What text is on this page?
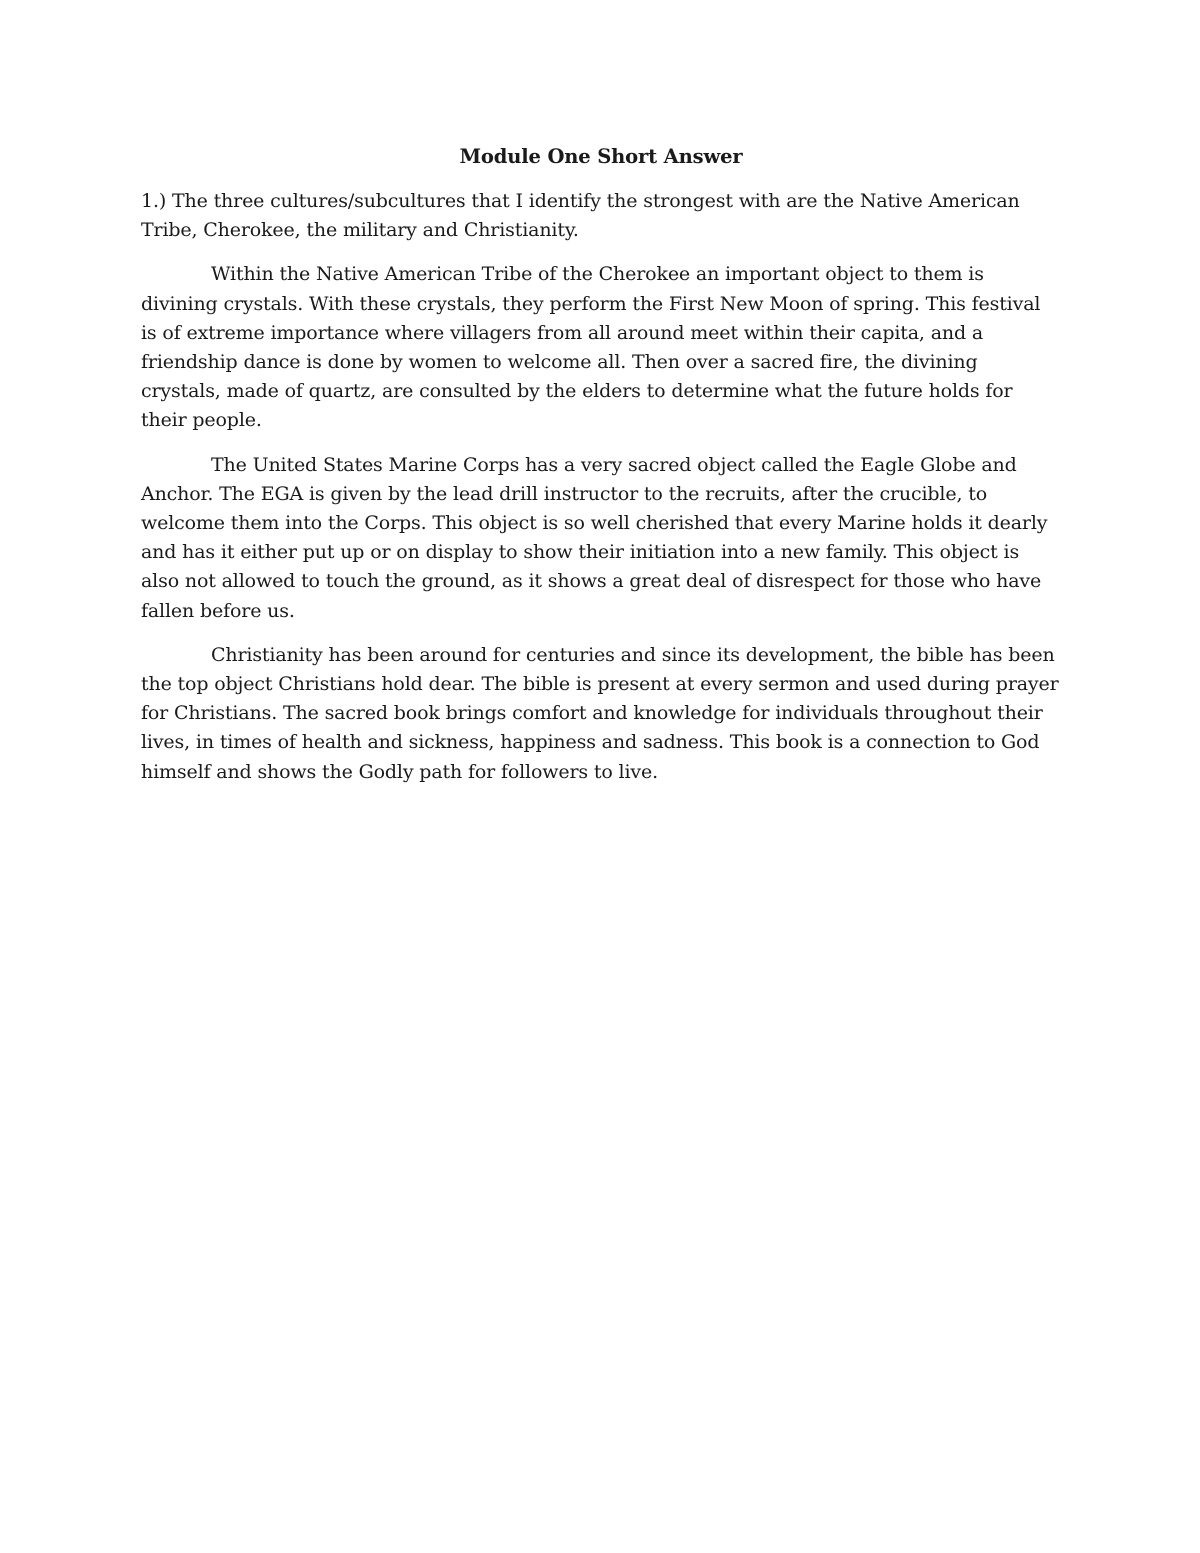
Module One Short Answer

1.) The three cultures/subcultures that I identify the strongest with are the Native American Tribe, Cherokee, the military and Christianity.

Within the Native American Tribe of the Cherokee an important object to them is divining crystals. With these crystals, they perform the First New Moon of spring. This festival is of extreme importance where villagers from all around meet within their capita, and a friendship dance is done by women to welcome all. Then over a sacred fire, the divining crystals, made of quartz, are consulted by the elders to determine what the future holds for their people.

The United States Marine Corps has a very sacred object called the Eagle Globe and Anchor. The EGA is given by the lead drill instructor to the recruits, after the crucible, to welcome them into the Corps. This object is so well cherished that every Marine holds it dearly and has it either put up or on display to show their initiation into a new family. This object is also not allowed to touch the ground, as it shows a great deal of disrespect for those who have fallen before us.

Christianity has been around for centuries and since its development, the bible has been the top object Christians hold dear. The bible is present at every sermon and used during prayer for Christians. The sacred book brings comfort and knowledge for individuals throughout their lives, in times of health and sickness, happiness and sadness. This book is a connection to God himself and shows the Godly path for followers to live.
